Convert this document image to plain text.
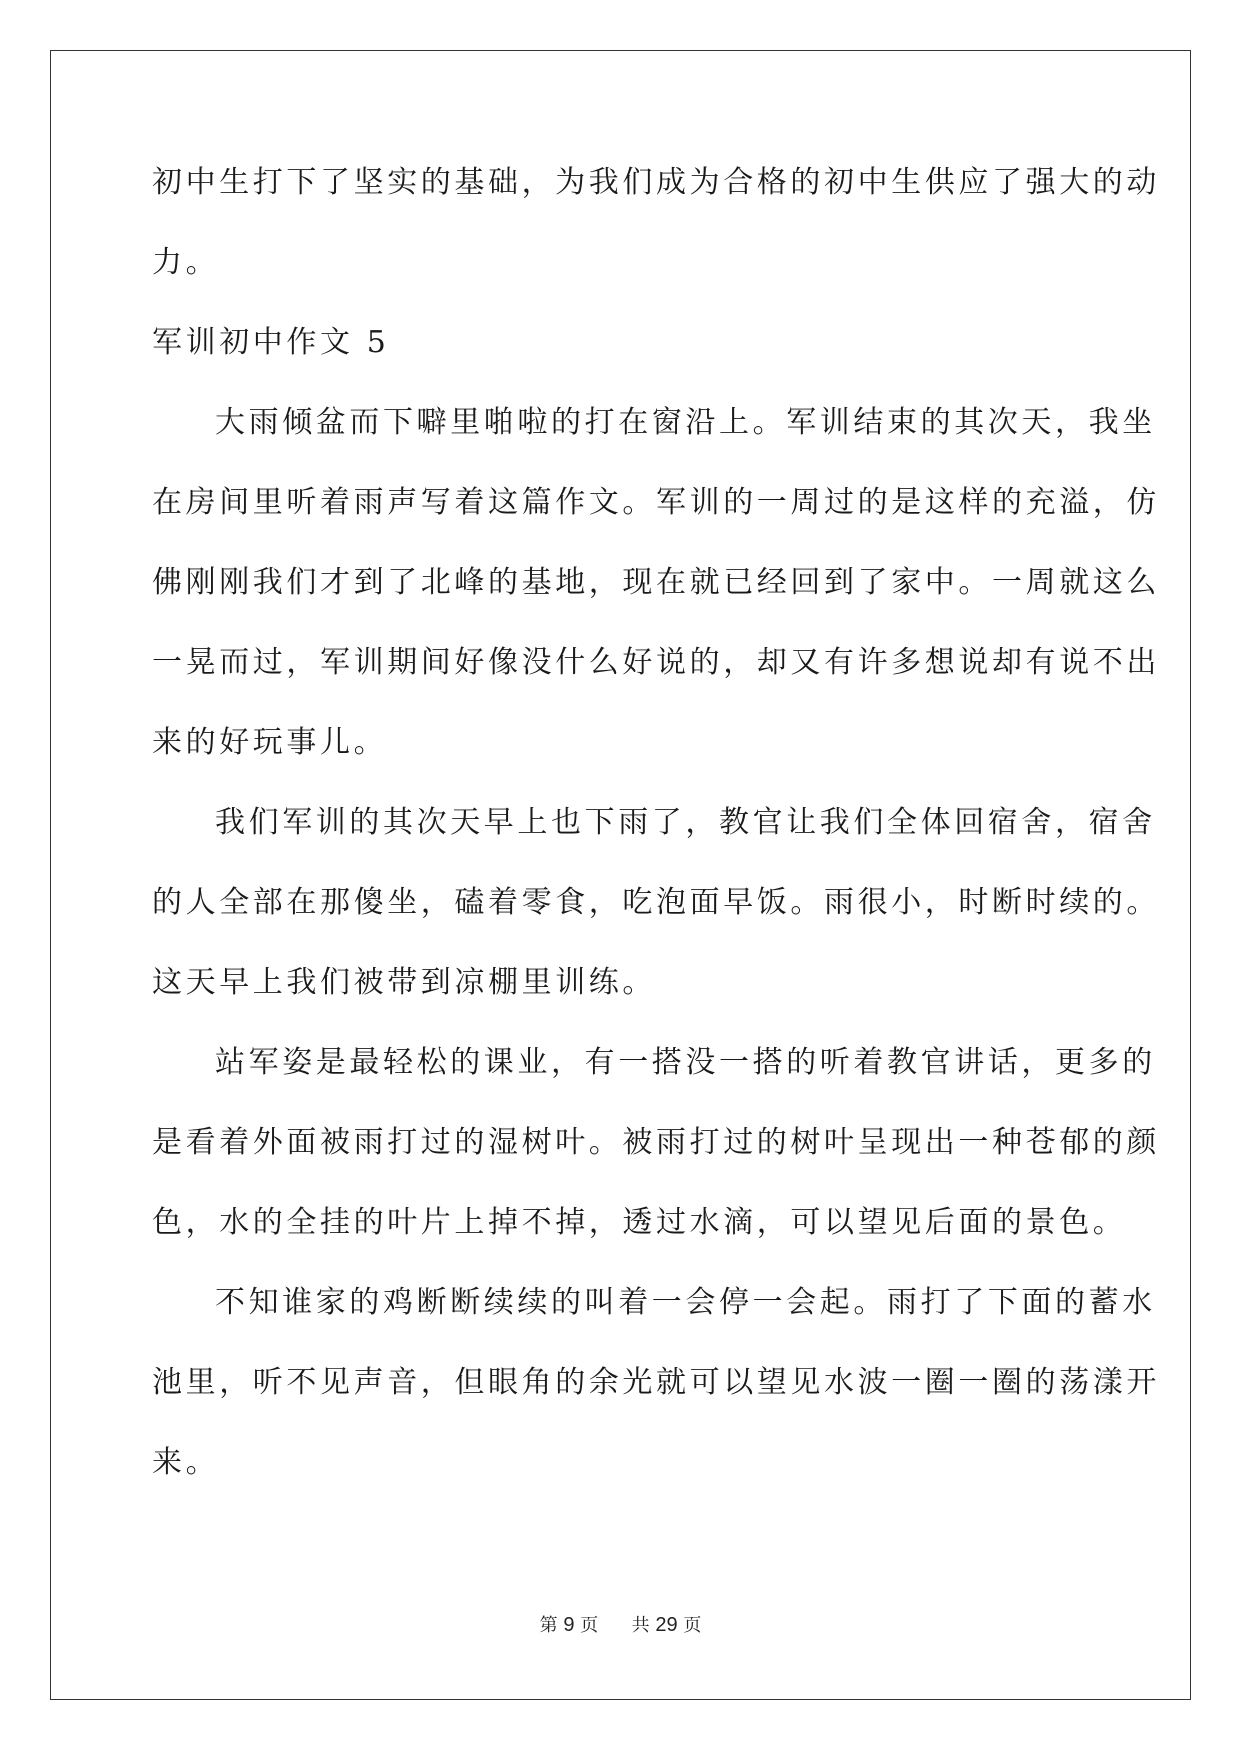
初中生打下了坚实的基础，为我们成为合格的初中生供应了强大的动
力。
军训初中作文 5
大雨倾盆而下噼里啪啦的打在窗沿上。军训结束的其次天，我坐
在房间里听着雨声写着这篇作文。军训的一周过的是这样的充溢，仿
佛刚刚我们才到了北峰的基地，现在就已经回到了家中。一周就这么
一晃而过，军训期间好像没什么好说的，却又有许多想说却有说不出
来的好玩事儿。
我们军训的其次天早上也下雨了，教官让我们全体回宿舍，宿舍
的人全部在那傻坐，磕着零食，吃泡面早饭。雨很小，时断时续的。
这天早上我们被带到凉棚里训练。
站军姿是最轻松的课业，有一搭没一搭的听着教官讲话，更多的
是看着外面被雨打过的湿树叶。被雨打过的树叶呈现出一种苍郁的颜
色，水的全挂的叶片上掉不掉，透过水滴，可以望见后面的景色。
不知谁家的鸡断断续续的叫着一会停一会起。雨打了下面的蓄水
池里，听不见声音，但眼角的余光就可以望见水波一圈一圈的荡漾开
来。
第 9 页 共 29 页
